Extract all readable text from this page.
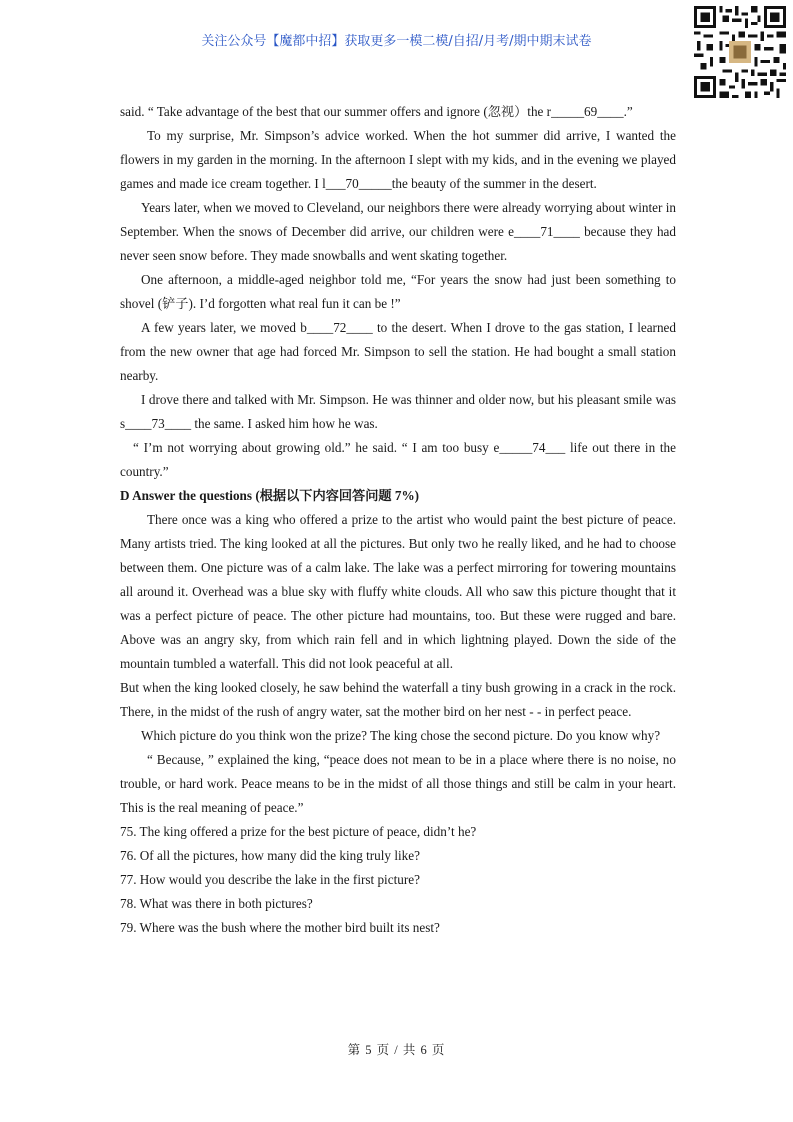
关注公众号【魔都中招】获取更多一模二模/自招/月考/期中期末试卷

said. “ Take advantage of the best that our summer offers and ignore (忽视）the r_____69____.”

To my surprise, Mr. Simpson’s advice worked. When the hot summer did arrive, I wanted the flowers in my garden in the morning. In the afternoon I slept with my kids, and in the evening we played games and made ice cream together. I l___70_____the beauty of the summer in the desert.

Years later, when we moved to Cleveland, our neighbors there were already worrying about winter in September. When the snows of December did arrive, our children were e____71____ because they had never seen snow before. They made snowballs and went skating together.

One afternoon, a middle-aged neighbor told me, “For years the snow had just been something to shovel (铲子). I’d forgotten what real fun it can be !”

A few years later, we moved b____72____ to the desert. When I drove to the gas station, I learned from the new owner that age had forced Mr. Simpson to sell the station. He had bought a small station nearby.

I drove there and talked with Mr. Simpson. He was thinner and older now, but his pleasant smile was s____73____ the same. I asked him how he was.

“ I’m not worrying about growing old.” he said. “ I am too busy e_____74___ life out there in the country.”

D Answer the questions (根据以下内容回答问题 7%)

There once was a king who offered a prize to the artist who would paint the best picture of peace. Many artists tried. The king looked at all the pictures. But only two he really liked, and he had to choose between them. One picture was of a calm lake. The lake was a perfect mirroring for towering mountains all around it. Overhead was a blue sky with fluffy white clouds. All who saw this picture thought that it was a perfect picture of peace. The other picture had mountains, too. But these were rugged and bare. Above was an angry sky, from which rain fell and in which lightning played. Down the side of the mountain tumbled a waterfall. This did not look peaceful at all.

But when the king looked closely, he saw behind the waterfall a tiny bush growing in a crack in the rock. There, in the midst of the rush of angry water, sat the mother bird on her nest - - in perfect peace.

Which picture do you think won the prize? The king chose the second picture. Do you know why?

“ Because, ” explained the king, “peace does not mean to be in a place where there is no noise, no trouble, or hard work. Peace means to be in the midst of all those things and still be calm in your heart. This is the real meaning of peace.”

75. The king offered a prize for the best picture of peace, didn’t he?

76. Of all the pictures, how many did the king truly like?

77. How would you describe the lake in the first picture?

78. What was there in both pictures?

79. Where was the bush where the mother bird built its nest?

第 5 页 / 共 6 页
